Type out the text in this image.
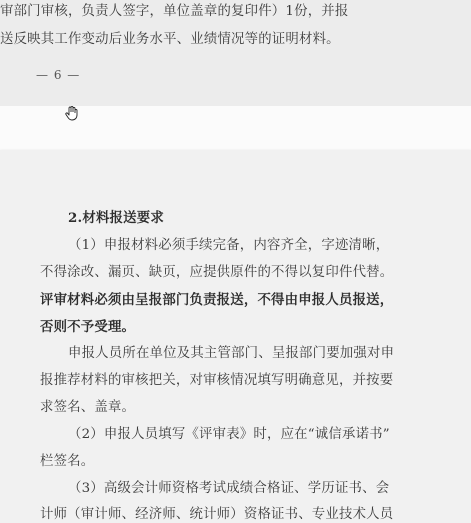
审部门审核，负责人签字，单位盖章的复印件）1份，并报
送反映其工作变动后业务水平、业绩情况等的证明材料。
— 6 —
2.材料报送要求
（1）申报材料必须手续完备，内容齐全，字迹清晰，
不得涂改、漏页、缺页，应提供原件的不得以复印件代替。
评审材料必须由呈报部门负责报送，不得由申报人员报送，
否则不予受理。
申报人员所在单位及其主管部门、呈报部门要加强对申
报推荐材料的审核把关，对审核情况填写明确意见，并按要
求签名、盖章。
（2）申报人员填写《评审表》时，应在“诚信承诺书”
栏签名。
（3）高级会计师资格考试成绩合格证、学历证书、会
计师（审计师、经济师、统计师）资格证书、专业技术人员
